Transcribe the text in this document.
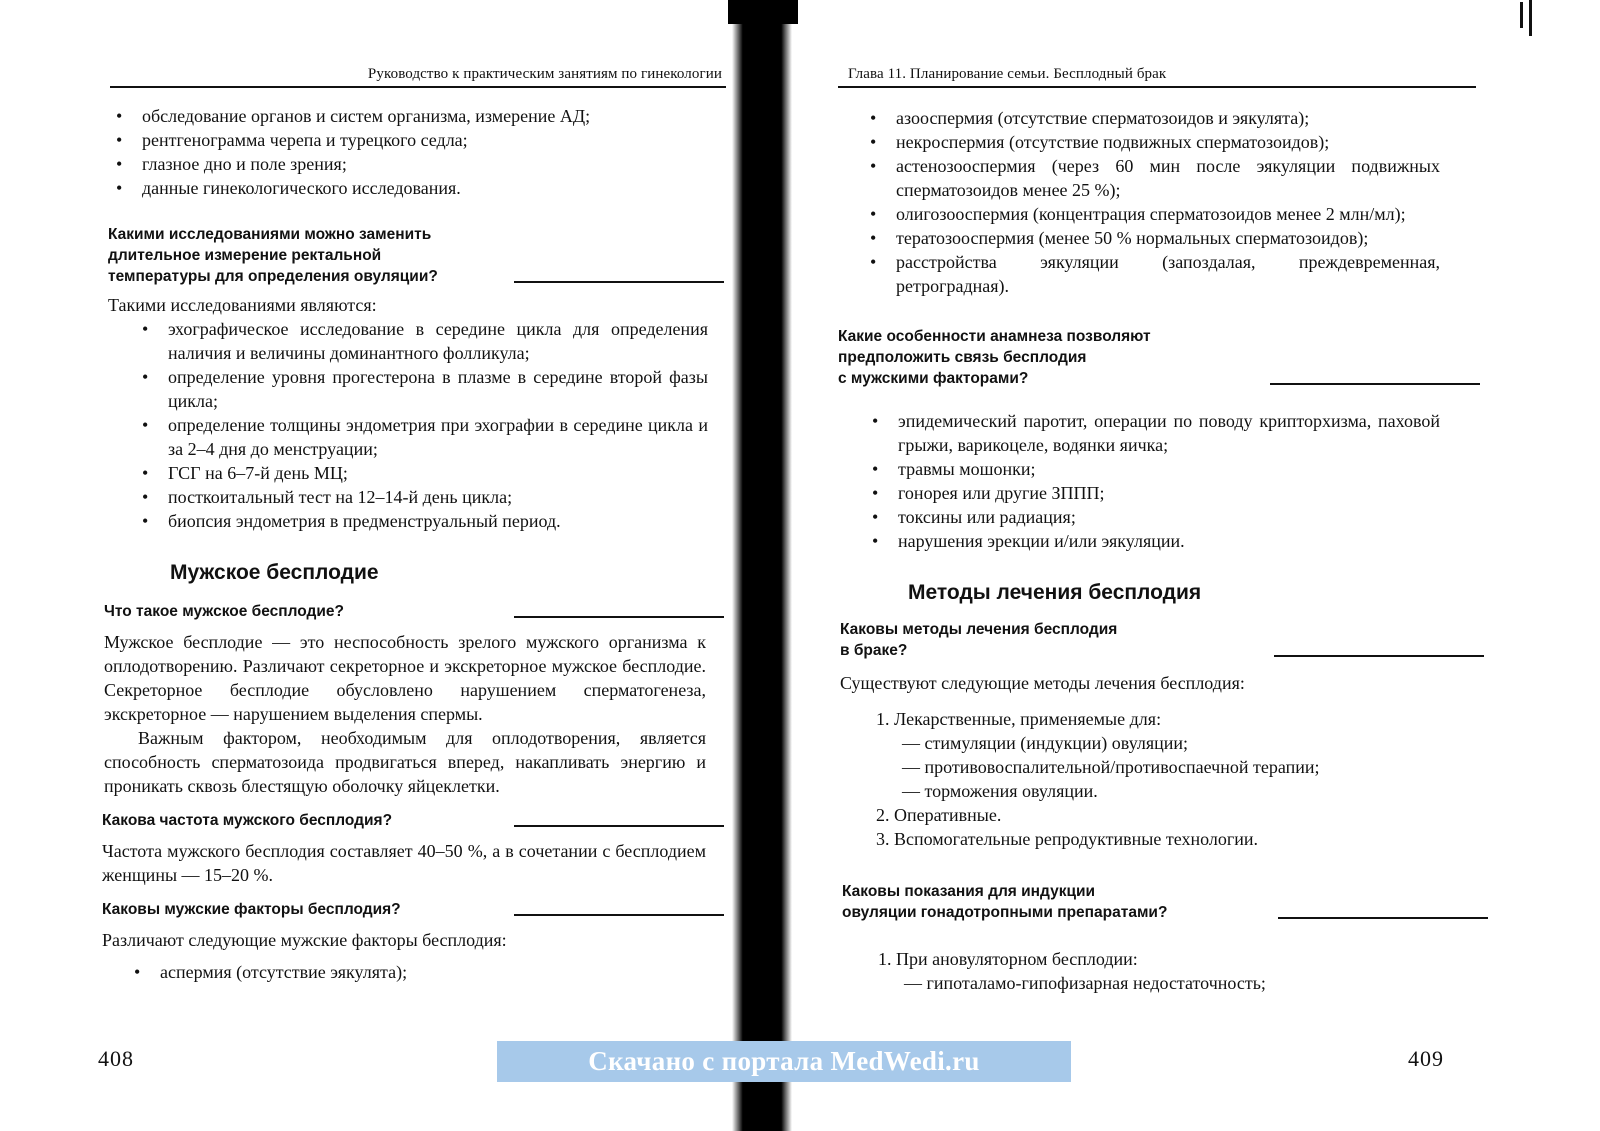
Руководство к практическим занятиям по гинекологии
• обследование органов и систем организма, измерение АД;
• рентгенограмма черепа и турецкого седла;
• глазное дно и поле зрения;
• данные гинекологического исследования.
Какими исследованиями можно заменить
длительное измерение ректальной
температуры для определения овуляции?
Такими исследованиями являются:
• эхографическое исследование в середине цикла для определения наличия и величины доминантного фолликула;
• определение уровня прогестерона в плазме в середине второй фазы цикла;
• определение толщины эндометрия при эхографии в середине цикла и за 2–4 дня до менструации;
• ГСГ на 6–7-й день МЦ;
• посткоитальный тест на 12–14-й день цикла;
• биопсия эндометрия в предменструальный период.
Мужское бесплодие
Что такое мужское бесплодие?

Мужское бесплодие — это неспособность зрелого мужского организма к оплодотворению. Различают секреторное и экскреторное мужское бесплодие. Секреторное бесплодие обусловлено нарушением сперматогенеза, экскреторное — нарушением выделения спермы.

Важным фактором, необходимым для оплодотворения, является способность сперматозоида продвигаться вперед, накапливать энергию и проникать сквозь блестящую оболочку яйцеклетки.

Какова частота мужского бесплодия?

Частота мужского бесплодия составляет 40–50 %, а в сочетании с бесплодием женщины — 15–20 %.

Каковы мужские факторы бесплодия?
Различают следующие мужские факторы бесплодия:
• аспермия (отсутствие эякулята);
408
Глава 11. Планирование семьи. Бесплодный брак
• азооспермия (отсутствие сперматозоидов и эякулята);
• некроспермия (отсутствие подвижных сперматозоидов);
• астенозооспермия (через 60 мин после эякуляции подвижных сперматозоидов менее 25 %);
• олигозооспермия (концентрация сперматозоидов менее 2 млн/мл);
• тератозооспермия (менее 50 % нормальных сперматозоидов);
• расстройства эякуляции (запоздалая, преждевременная, ретроградная).
Какие особенности анамнеза позволяют
предположить связь бесплодия
с мужскими факторами?
• эпидемический паротит, операции по поводу крипторхизма, паховой грыжи, варикоцеле, водянки яичка;
• травмы мошонки;
• гонорея или другие ЗППП;
• токсины или радиация;
• нарушения эрекции и/или эякуляции.
Методы лечения бесплодия
Каковы методы лечения бесплодия
в браке?
Существуют следующие методы лечения бесплодия:
1. Лекарственные, применяемые для:
— стимуляции (индукции) овуляции;
— противовоспалительной/противоспаечной терапии;
— торможения овуляции.
2. Оперативные.
3. Вспомогательные репродуктивные технологии.
Каковы показания для индукции
овуляции гонадотропными препаратами?
1. При ановуляторном бесплодии:
— гипоталамо-гипофизарная недостаточность;
409
Скачано с портала MedWedi.ru
